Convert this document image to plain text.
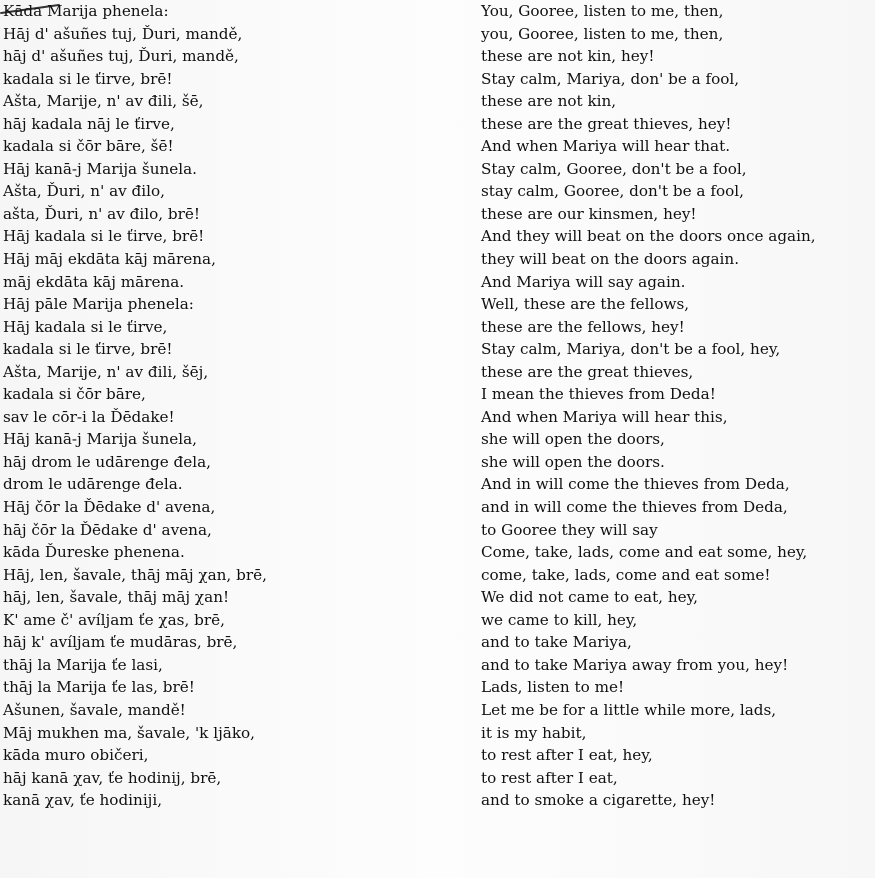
Kāda Marija phenela:
Hāj d' ašuñes tuj, Ďuri, mandě,
hāj d' ašuñes tuj, Ďuri, mandě,
kadala si le ťirve, brē!
Ašta, Marije, n' av đili, šē,
hāj kadala nāj le ťirve,
kadala si čōr bāre, šē!
Hāj kanā-j Marija šunela.
Ašta, Ďuri, n' av đilo,
ašta, Ďuri, n' av đilo, brē!
Hāj kadala si le ťirve, brē!
Hāj māj ekdāta kāj mārena,
māj ekdāta kāj mārena.
Hāj pāle Marija phenela:
Hāj kadala si le ťirve,
kadala si le ťirve, brē!
Ašta, Marije, n' av đili, šēj,
kadala si čōr bāre,
sav le cōr-i la Ďēdake!
Hāj kanā-j Marija šunela,
hāj drom le udārenge đela,
drom le udārenge đela.
Hāj čōr la Ďēdake d' avena,
hāj čōr la Ďēdake d' avena,
kāda Ďureske phenena.
Hāj, len, šavale, thāj māj χan, brē,
hāj, len, šavale, thāj māj χan!
K' ame č' avíljam ťe χas, brē,
hāj k' avíljam ťe mudāras, brē,
thāj la Marija ťe lasi,
thāj la Marija ťe las, brē!
Ašunen, šavale, mandě!
Māj mukhen ma, šavale, 'k ljāko,
kāda muro običeri,
hāj kanā χav, ťe hodinij, brē,
kanā χav, ťe hodiniji,
You, Gooree, listen to me, then,
you, Gooree, listen to me, then,
these are not kin, hey!
Stay calm, Mariya, don' be a fool,
these are not kin,
these are the great thieves, hey!
And when Mariya will hear that.
Stay calm, Gooree, don't be a fool,
stay calm, Gooree, don't be a fool,
these are our kinsmen, hey!
And they will beat on the doors once again,
they will beat on the doors again.
And Mariya will say again.
Well, these are the fellows,
these are the fellows, hey!
Stay calm, Mariya, don't be a fool, hey,
these are the great thieves,
I mean the thieves from Deda!
And when Mariya will hear this,
she will open the doors,
she will open the doors.
And in will come the thieves from Deda,
and in will come the thieves from Deda,
to Gooree they will say
Come, take, lads, come and eat some, hey,
come, take, lads, come and eat some!
We did not came to eat, hey,
we came to kill, hey,
and to take Mariya,
and to take Mariya away from you, hey!
Lads, listen to me!
Let me be for a little while more, lads,
it is my habit,
to rest after I eat, hey,
to rest after I eat,
and to smoke a cigarette, hey!
